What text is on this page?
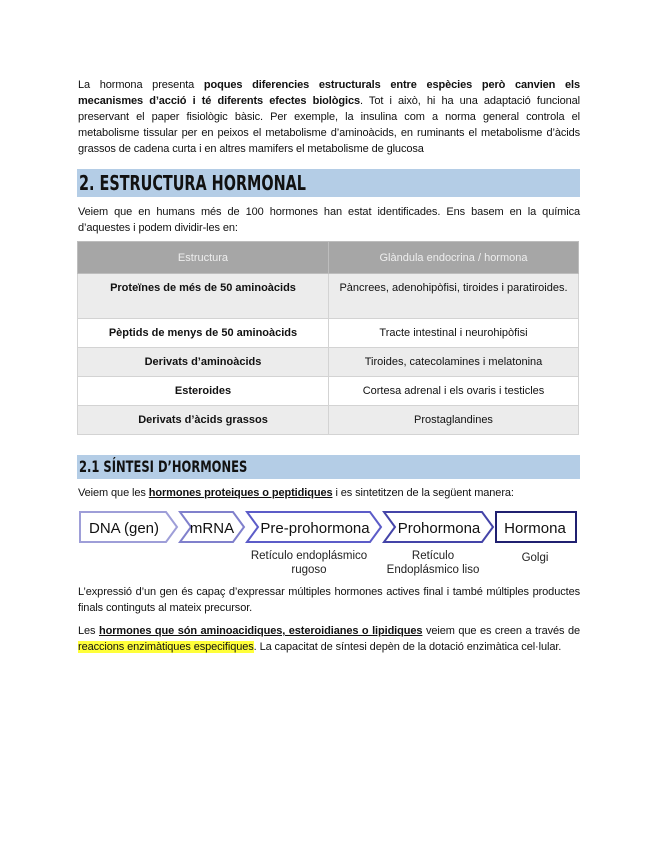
La hormona presenta poques diferencies estructurals entre espècies però canvien els mecanismes d’acció i té diferents efectes biològics. Tot i això, hi ha una adaptació funcional preservant el paper fisiològic bàsic. Per exemple, la insulina com a norma general controla el metabolisme tissular per en peixos el metabolisme d’aminoàcids, en ruminants el metabolisme d’àcids grassos de cadena curta i en altres mamifers el metabolisme de glucosa

2. ESTRUCTURA HORMONAL

Veiem que en humans més de 100 hormones han estat identificades. Ens basem en la química d’aquestes i podem dividir-les en:

Estructura	Glàndula endocrina / hormona
Proteïnes de més de 50 aminoàcids	Pàncrees, adenohipòfisi, tiroides i paratiroides.
Pèptids de menys de 50 aminoàcids	Tracte intestinal i neurohipòfisi
Derivats d’aminoàcids	Tiroides, catecolamines i melatonina
Esteroides	Cortesa adrenal i els ovaris i testicles
Derivats d’àcids grassos	Prostaglandines
2.1 SÍNTESI D’HORMONES

Veiem que les hormones proteiques o peptidiques i es sintetitzen de la següent manera:

DNA (gen) mRNA Pre-prohormona Prohormona Hormona
Retículo endoplásmico
rugoso
Retículo
Endoplásmico liso
Golgi

L’expressió d’un gen és capaç d’expressar múltiples hormones actives final i també múltiples productes finals continguts al mateix precursor.

Les hormones que són aminoacidiques, esteroidianes o lipidiques veiem que es creen a través de reaccions enzimàtiques especifiques. La capacitat de síntesi depèn de la dotació enzimàtica cel·lular.
